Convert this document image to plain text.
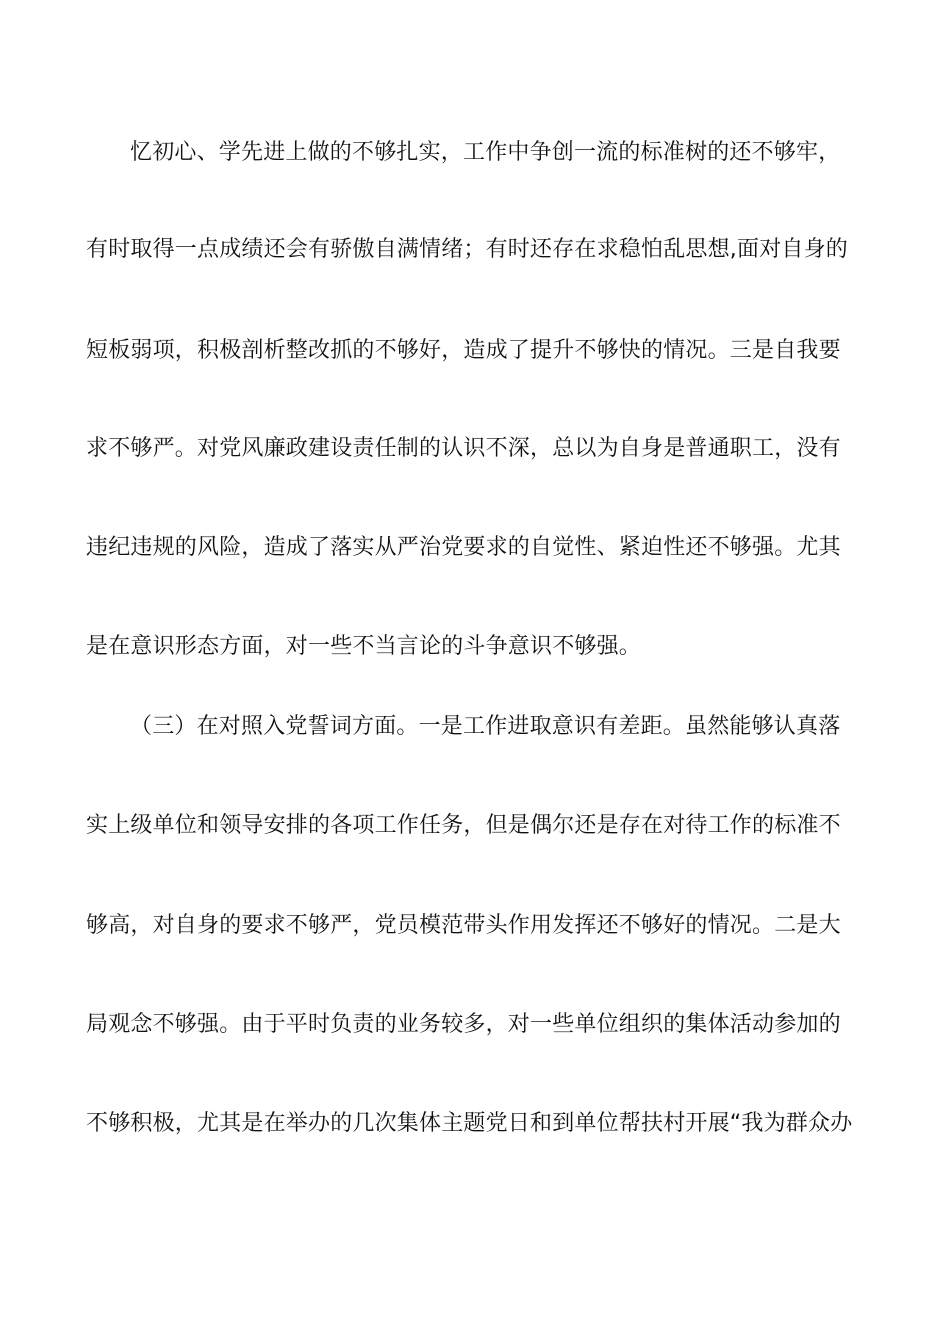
忆初心、学先进上做的不够扎实，工作中争创一流的标准树的还不够牢，
有时取得一点成绩还会有骄傲自满情绪；有时还存在求稳怕乱思想,面对自身的
短板弱项，积极剖析整改抓的不够好，造成了提升不够快的情况。三是自我要
求不够严。对党风廉政建设责任制的认识不深，总以为自身是普通职工，没有
违纪违规的风险，造成了落实从严治党要求的自觉性、紧迫性还不够强。尤其
是在意识形态方面，对一些不当言论的斗争意识不够强。
（三）在对照入党誓词方面。一是工作进取意识有差距。虽然能够认真落
实上级单位和领导安排的各项工作任务，但是偶尔还是存在对待工作的标准不
够高，对自身的要求不够严，党员模范带头作用发挥还不够好的情况。二是大
局观念不够强。由于平时负责的业务较多，对一些单位组织的集体活动参加的
不够积极，尤其是在举办的几次集体主题党日和到单位帮扶村开展“我为群众办
